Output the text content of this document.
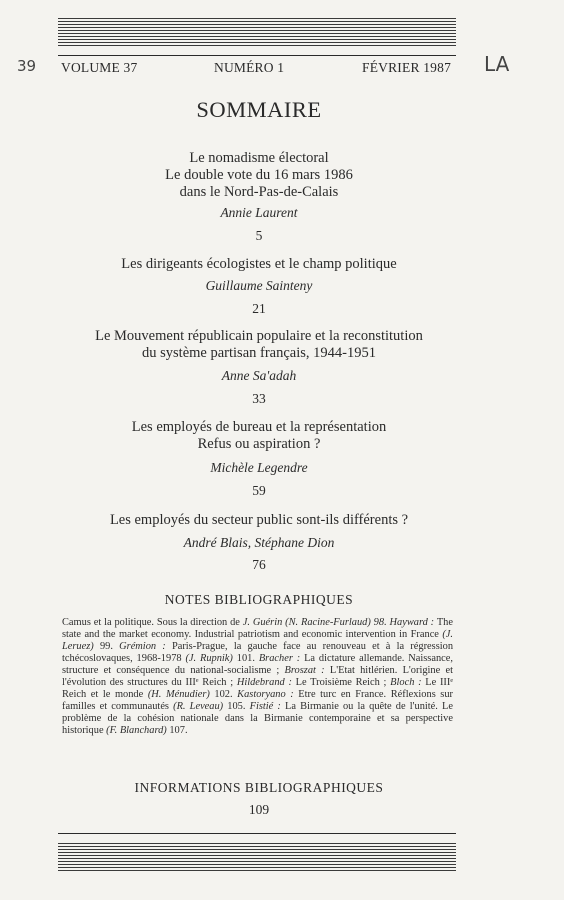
39	LA
VOLUME 37	NUMÉRO 1	FÉVRIER 1987
SOMMAIRE
Le nomadisme électoral
Le double vote du 16 mars 1986
dans le Nord-Pas-de-Calais
Annie Laurent
5
Les dirigeants écologistes et le champ politique
Guillaume Sainteny
21
Le Mouvement républicain populaire et la reconstitution
du système partisan français, 1944-1951
Anne Sa'adah
33
Les employés de bureau et la représentation
Refus ou aspiration ?
Michèle Legendre
59
Les employés du secteur public sont-ils différents ?
André Blais, Stéphane Dion
76
NOTES BIBLIOGRAPHIQUES
Camus et la politique. Sous la direction de J. Guérin (N. Racine-Furlaud) 98. Hayward : The state and the market economy. Industrial patriotism and economic intervention in France (J. Leruez) 99. Grémion : Paris-Prague, la gauche face au renouveau et à la régression tchécoslovaques, 1968-1978 (J. Rupnik) 101. Bracher : La dictature allemande. Naissance, structure et conséquence du national-socialisme ; Broszat : L'Etat hitlérien. L'origine et l'évolution des structures du IIIᵉ Reich ; Hildebrand : Le Troisième Reich ; Bloch : Le IIIᵉ Reich et le monde (H. Ménudier) 102. Kastoryano : Etre turc en France. Réflexions sur familles et communautés (R. Leveau) 105. Fistié : La Birmanie ou la quête de l'unité. Le problème de la cohésion nationale dans la Birmanie contemporaine et sa perspective historique (F. Blanchard) 107.
INFORMATIONS BIBLIOGRAPHIQUES
109
